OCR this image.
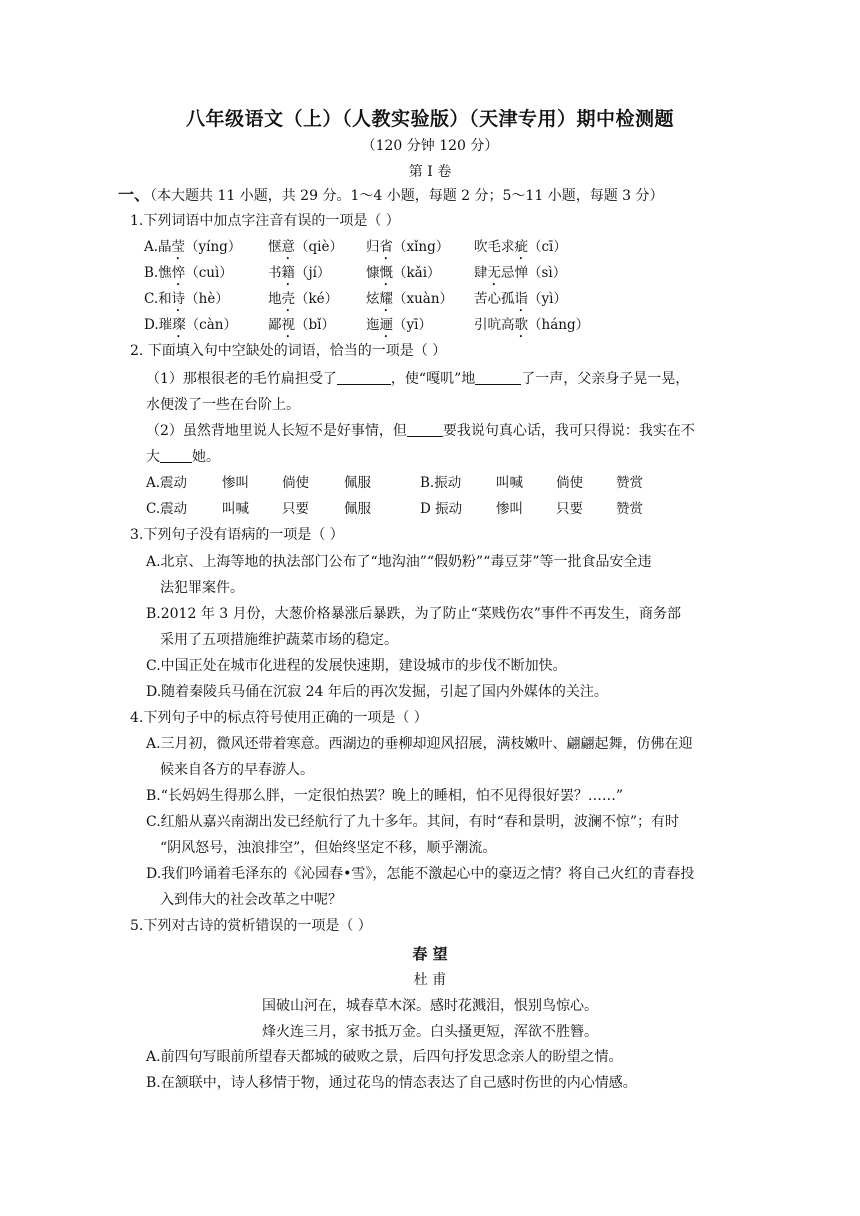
八年级语文（上）（人教实验版）（天津专用）期中检测题
（120 分钟 120 分）
第 I 卷
一、（本大题共 11 小题，共 29 分。1～4 小题，每题 2 分；5～11 小题，每题 3 分）
1.下列词语中加点字注音有误的一项是（ ）
A.晶莹（yíng） 惬意（qiè） 归省（xǐng） 吹毛求疵（cī）
B.憔悴（cuì）	书籍（jí）	慷慨（kǎi） 肆无忌惮（sì）
C.和诗（hè）	地壳（ké） 炫耀（xuàn） 苦心孤诣（yì）
D.璀璨（càn） 鄙视（bǐ） 迤逦（yī）	引吭高歌（háng）
2. 下面填入句中空缺处的词语，恰当的一项是（ ）
（1）那根很老的毛竹扁担受了	，使“嘎叽”地	了一声，父亲身子晃一晃，
水便泼了一些在台阶上。
（2）虽然背地里说人长短不是好事情，但	要我说句真心话，我可只得说：我实在不
大 她。
A.震动	惨叫 倘使	佩服	B.振动	叫喊 倘使 赞赏
C.震动	叫喊 只要	佩服	D 振动	惨叫 只要 赞赏
3.下列句子没有语病的一项是（ ）
A.北京、上海等地的执法部门公布了“地沟油”“假奶粉”“毒豆芽”等一批食品安全违
法犯罪案件。
B.2012 年 3 月份，大葱价格暴涨后暴跌，为了防止“菜贱伤农”事件不再发生，商务部
采用了五项措施维护蔬菜市场的稳定。
C.中国正处在城市化进程的发展快速期，建设城市的步伐不断加快。
D.随着秦陵兵马俑在沉寂 24 年后的再次发掘，引起了国内外媒体的关注。
4.下列句子中的标点符号使用正确的一项是（ ）
A.三月初，微风还带着寒意。西湖边的垂柳却迎风招展，满枝嫩叶、翩翩起舞，仿佛在迎
候来自各方的早春游人。
B.“长妈妈生得那么胖，一定很怕热罢？晚上的睡相，怕不见得很好罢？……”
C.红船从嘉兴南湖出发已经航行了九十多年。其间，有时“春和景明，波澜不惊”；有时
“阴风怒号，浊浪排空”，但始终坚定不移，顺乎潮流。
D.我们吟诵着毛泽东的《沁园春•雪》，怎能不激起心中的豪迈之情？将自己火红的青春投
入到伟大的社会改革之中呢？
5.下列对古诗的赏析错误的一项是（ ）
春 望
杜 甫
国破山河在，城春草木深。感时花溅泪，恨别鸟惊心。
烽火连三月，家书抵万金。白头搔更短，浑欲不胜簪。
A.前四句写眼前所望春天都城的破败之景，后四句抒发思念亲人的盼望之情。
B.在颔联中，诗人移情于物，通过花鸟的情态表达了自己感时伤世的内心情感。
